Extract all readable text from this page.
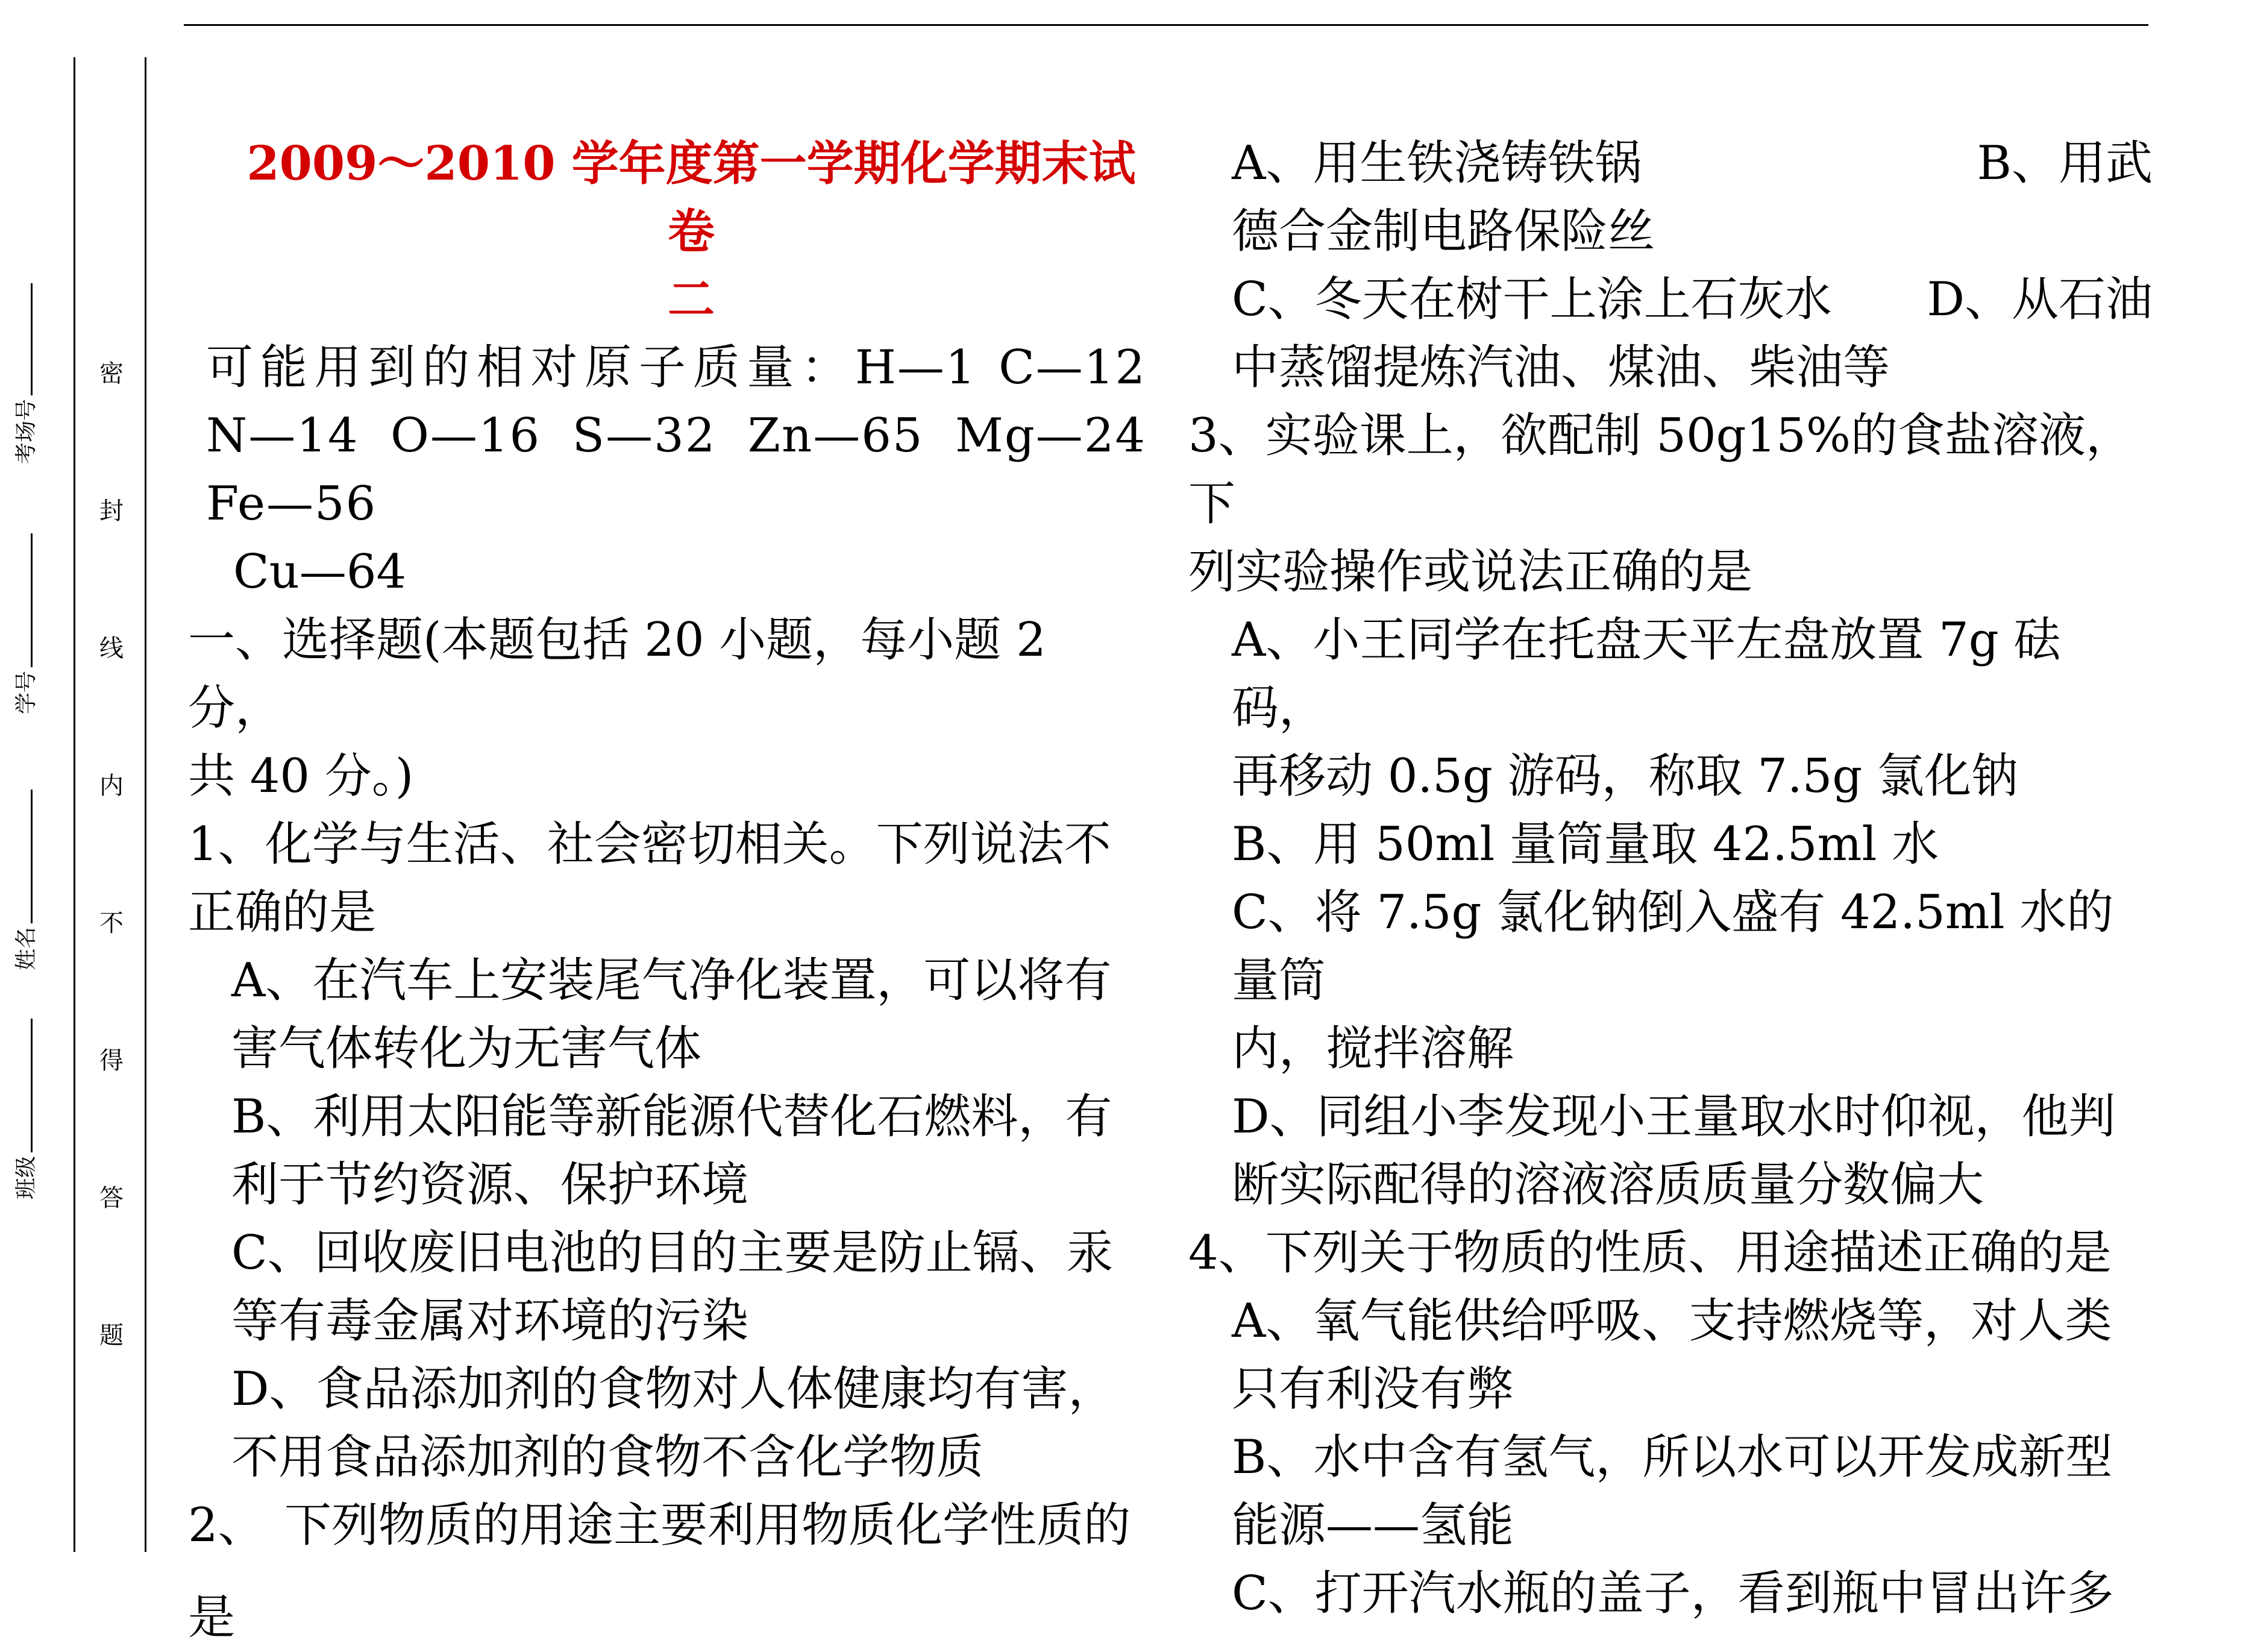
考场号
学号
姓名
班级
密
封
线
内
不
得
答
题

2009～2010 学年度第一学期化学期末试卷

二

可能用到的相对原子质量：H—1 C—12

N—14 O—16 S—32 Zn—65 Mg—24 Fe—56

Cu—64

一、选择题(本题包括 20 小题，每小题 2 分，

共 40 分。)

1、化学与生活、社会密切相关。下列说法不

正确的是

A、在汽车上安装尾气净化装置，可以将有

害气体转化为无害气体

B、利用太阳能等新能源代替化石燃料，有

利于节约资源、保护环境

C、回收废旧电池的目的主要是防止镉、汞

等有毒金属对环境的污染

D、食品添加剂的食物对人体健康均有害，

不用食品添加剂的食物不含化学物质

2、 下列物质的用途主要利用物质化学性质的

是

A、用生铁浇铸铁锅	B、用武

德合金制电路保险丝

C、冬天在树干上涂上石灰水 D、从石油

中蒸馏提炼汽油、煤油、柴油等

3、实验课上，欲配制 50g15%的食盐溶液，下

列实验操作或说法正确的是

A、小王同学在托盘天平左盘放置 7g 砝码，

再移动 0.5g 游码，称取 7.5g 氯化钠

B、用 50ml 量筒量取 42.5ml 水

C、将 7.5g 氯化钠倒入盛有 42.5ml 水的量筒

内，搅拌溶解

D、同组小李发现小王量取水时仰视，他判

断实际配得的溶液溶质质量分数偏大

4、下列关于物质的性质、用途描述正确的是

A、氧气能供给呼吸、支持燃烧等，对人类

只有利没有弊

B、水中含有氢气，所以水可以开发成新型

能源——氢能

C、打开汽水瓶的盖子，看到瓶中冒出许多
